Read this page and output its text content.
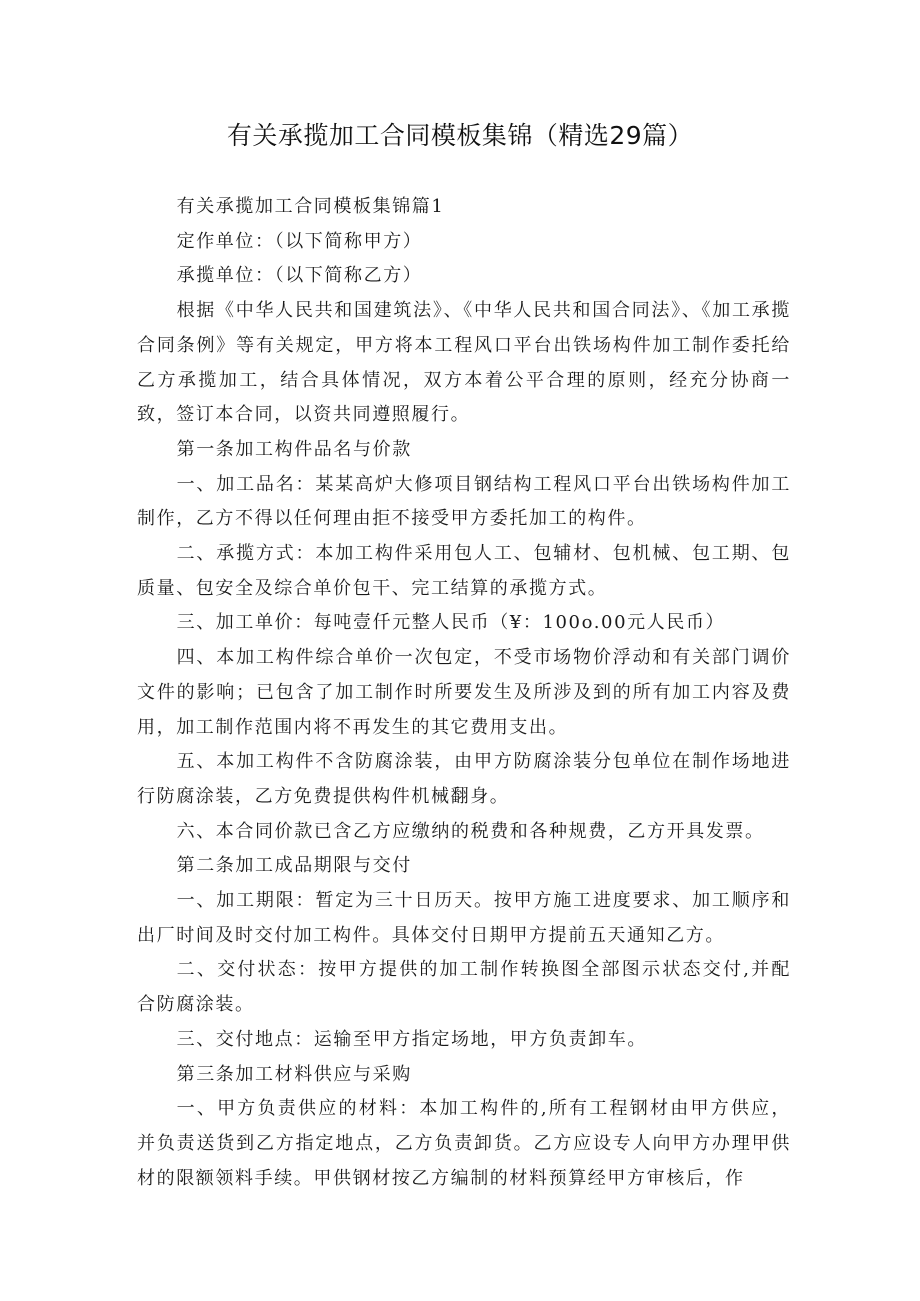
有关承揽加工合同模板集锦（精选29篇）

有关承揽加工合同模板集锦篇1

定作单位：（以下简称甲方）

承揽单位：（以下简称乙方）

根据《中华人民共和国建筑法》、《中华人民共和国合同法》、《加工承揽合同条例》等有关规定，甲方将本工程风口平台出铁场构件加工制作委托给乙方承揽加工，结合具体情况，双方本着公平合理的原则，经充分协商一致，签订本合同，以资共同遵照履行。

第一条加工构件品名与价款

一、加工品名：某某高炉大修项目钢结构工程风口平台出铁场构件加工制作，乙方不得以任何理由拒不接受甲方委托加工的构件。

二、承揽方式：本加工构件采用包人工、包辅材、包机械、包工期、包质量、包安全及综合单价包干、完工结算的承揽方式。

三、加工单价：每吨壹仟元整人民币（¥：100o.00元人民币）

四、本加工构件综合单价一次包定，不受市场物价浮动和有关部门调价文件的影响；已包含了加工制作时所要发生及所涉及到的所有加工内容及费用，加工制作范围内将不再发生的其它费用支出。

五、本加工构件不含防腐涂装，由甲方防腐涂装分包单位在制作场地进行防腐涂装，乙方免费提供构件机械翻身。

六、本合同价款已含乙方应缴纳的税费和各种规费，乙方开具发票。

第二条加工成品期限与交付

一、加工期限：暂定为三十日历天。按甲方施工进度要求、加工顺序和出厂时间及时交付加工构件。具体交付日期甲方提前五天通知乙方。

二、交付状态：按甲方提供的加工制作转换图全部图示状态交付,并配合防腐涂装。

三、交付地点：运输至甲方指定场地，甲方负责卸车。

第三条加工材料供应与采购

一、甲方负责供应的材料：本加工构件的,所有工程钢材由甲方供应，并负责送货到乙方指定地点，乙方负责卸货。乙方应设专人向甲方办理甲供材的限额领料手续。甲供钢材按乙方编制的材料预算经甲方审核后，作
